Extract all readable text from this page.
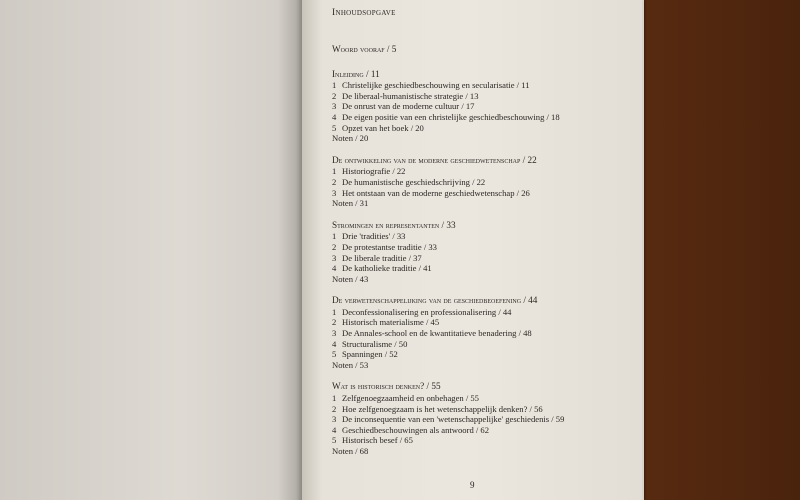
Inhoudsopgave
Woord vooraf / 5
Inleiding / 11
1 Christelijke geschiedbeschouwing en secularisatie / 11
2 De liberaal-humanistische strategie / 13
3 De onrust van de moderne cultuur / 17
4 De eigen positie van een christelijke geschiedbeschouwing / 18
5 Opzet van het boek / 20
Noten / 20
De ontwikkeling van de moderne geschiedwetenschap / 22
1 Historiografie / 22
2 De humanistische geschiedschrijving / 22
3 Het ontstaan van de moderne geschiedwetenschap / 26
Noten / 31
Stromingen en representanten / 33
1 Drie 'tradities' / 33
2 De protestantse traditie / 33
3 De liberale traditie / 37
4 De katholieke traditie / 41
Noten / 43
De verwetenschappelijking van de geschiedbeoefening / 44
1 Deconfessionalisering en professionalisering / 44
2 Historisch materialisme / 45
3 De Annales-school en de kwantitatieve benadering / 48
4 Structuralisme / 50
5 Spanningen / 52
Noten / 53
Wat is historisch denken? / 55
1 Zelfgenoegzaamheid en onbehagen / 55
2 Hoe zelfgenoegzaam is het wetenschappelijk denken? / 56
3 De inconsequentie van een 'wetenschappelijke' geschiedenis / 59
4 Geschiedbeschouwingen als antwoord / 62
5 Historisch besef / 65
Noten / 68
9
